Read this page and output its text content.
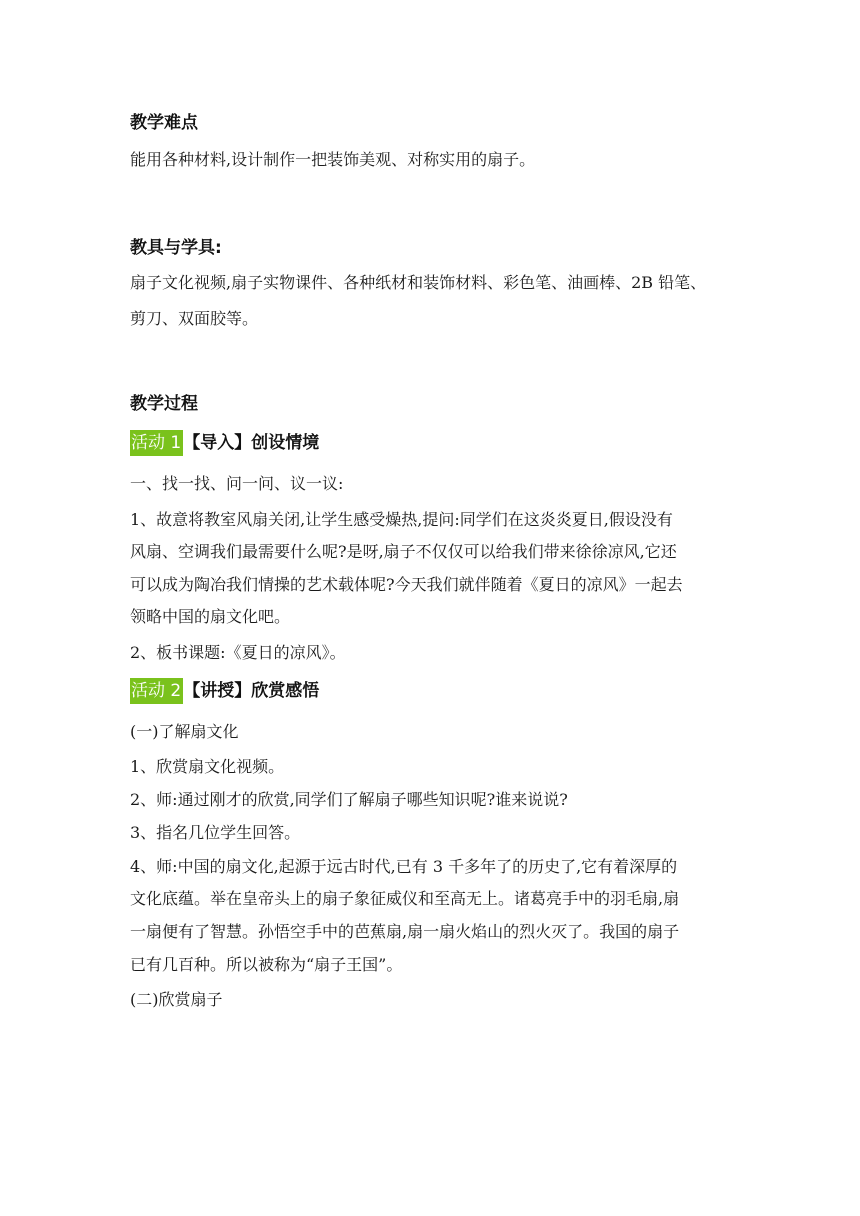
教学难点
能用各种材料,设计制作一把装饰美观、对称实用的扇子。
教具与学具:
扇子文化视频,扇子实物课件、各种纸材和装饰材料、彩色笔、油画棒、2B 铅笔、
剪刀、双面胶等。
教学过程
活动 1 【导入】创设情境
一、找一找、问一问、议一议:
1、故意将教室风扇关闭,让学生感受燥热,提问:同学们在这炎炎夏日,假设没有
风扇、空调我们最需要什么呢?是呀,扇子不仅仅可以给我们带来徐徐凉风,它还
可以成为陶冶我们情操的艺术载体呢?今天我们就伴随着《夏日的凉风》一起去
领略中国的扇文化吧。
2、板书课题:《夏日的凉风》。
活动 2 【讲授】欣赏感悟
(一)了解扇文化
1、欣赏扇文化视频。
2、师:通过刚才的欣赏,同学们了解扇子哪些知识呢?谁来说说?
3、指名几位学生回答。
4、师:中国的扇文化,起源于远古时代,已有 3 千多年了的历史了,它有着深厚的
文化底蕴。举在皇帝头上的扇子象征威仪和至高无上。诸葛亮手中的羽毛扇,扇
一扇便有了智慧。孙悟空手中的芭蕉扇,扇一扇火焰山的烈火灭了。我国的扇子
已有几百种。所以被称为“扇子王国”。
(二)欣赏扇子
